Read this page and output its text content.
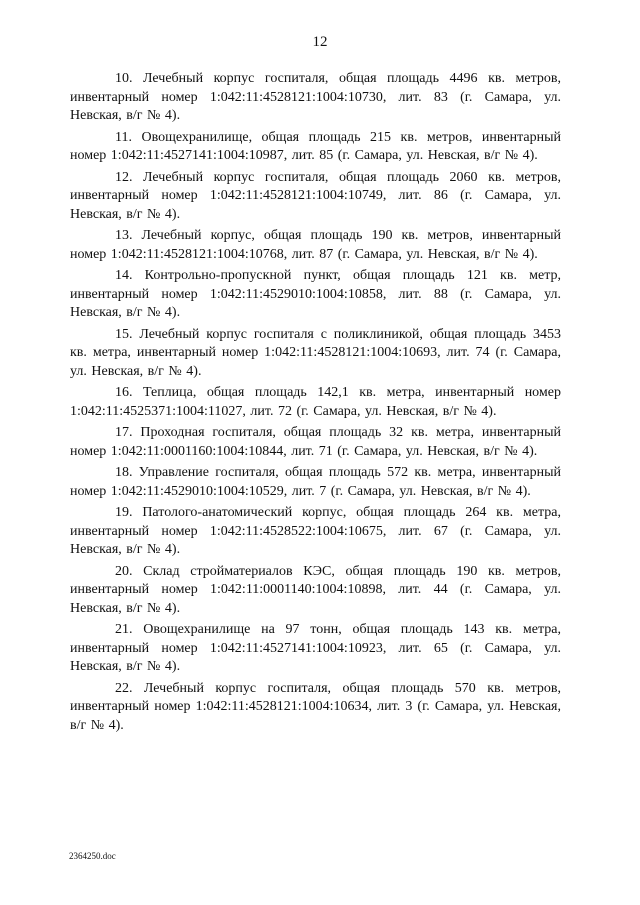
12

10. Лечебный корпус госпиталя, общая площадь 4496 кв. метров, инвентарный номер 1:042:11:4528121:1004:10730, лит. 83 (г. Самара, ул. Невская, в/г № 4).

11. Овощехранилище, общая площадь 215 кв. метров, инвентарный номер 1:042:11:4527141:1004:10987, лит. 85 (г. Самара, ул. Невская, в/г № 4).

12. Лечебный корпус госпиталя, общая площадь 2060 кв. метров, инвентарный номер 1:042:11:4528121:1004:10749, лит. 86 (г. Самара, ул. Невская, в/г № 4).

13. Лечебный корпус, общая площадь 190 кв. метров, инвентарный номер 1:042:11:4528121:1004:10768, лит. 87 (г. Самара, ул. Невская, в/г № 4).

14. Контрольно-пропускной пункт, общая площадь 121 кв. метр, инвентарный номер 1:042:11:4529010:1004:10858, лит. 88 (г. Самара, ул. Невская, в/г № 4).

15. Лечебный корпус госпиталя с поликлиникой, общая площадь 3453 кв. метра, инвентарный номер 1:042:11:4528121:1004:10693, лит. 74 (г. Самара, ул. Невская, в/г № 4).

16. Теплица, общая площадь 142,1 кв. метра, инвентарный номер 1:042:11:4525371:1004:11027, лит. 72 (г. Самара, ул. Невская, в/г № 4).

17. Проходная госпиталя, общая площадь 32 кв. метра, инвентарный номер 1:042:11:0001160:1004:10844, лит. 71 (г. Самара, ул. Невская, в/г № 4).

18. Управление госпиталя, общая площадь 572 кв. метра, инвентарный номер 1:042:11:4529010:1004:10529, лит. 7 (г. Самара, ул. Невская, в/г № 4).

19. Патолого-анатомический корпус, общая площадь 264 кв. метра, инвентарный номер 1:042:11:4528522:1004:10675, лит. 67 (г. Самара, ул. Невская, в/г № 4).

20. Склад стройматериалов КЭС, общая площадь 190 кв. метров, инвентарный номер 1:042:11:0001140:1004:10898, лит. 44 (г. Самара, ул. Невская, в/г № 4).

21. Овощехранилище на 97 тонн, общая площадь 143 кв. метра, инвентарный номер 1:042:11:4527141:1004:10923, лит. 65 (г. Самара, ул. Невская, в/г № 4).

22. Лечебный корпус госпиталя, общая площадь 570 кв. метров, инвентарный номер 1:042:11:4528121:1004:10634, лит. 3 (г. Самара, ул. Невская, в/г № 4).

2364250.doc
